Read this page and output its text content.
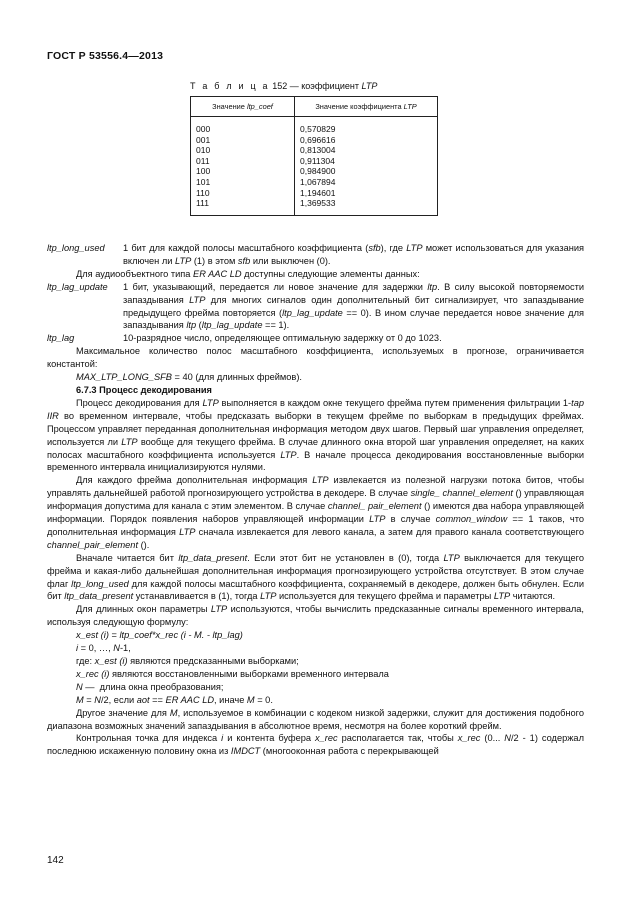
ГОСТ Р 53556.4—2013
Т а б л и ц а 152 — коэффициент LTP
Значение ltp_coef	Значение коэффициента LTP

000	0,570829
001	0,696616
010	0,813004
011	0,911304
100	0,984900
101	1,067894
110	1,194601
111	1,369533
ltp_long_used	1 бит для каждой полосы масштабного коэффициента (sfb), где LTP может использоваться для указания включен ли LTP (1) в этом sfb или выключен (0).

Для аудиообъектного типа ER AAC LD доступны следующие элементы данных:

ltp_lag_update	1 бит, указывающий, передается ли новое значение для задержки ltp. В силу высокой повторяемости запаздывания LTP для многих сигналов один дополнительный бит сигнализирует, что запаздывание предыдущего фрейма повторяется (ltp_lag_update == 0). В ином случае передается новое значение для запаздывания ltp (ltp_lag_update == 1).
ltp_lag	10-разрядное число, определяющее оптимальную задержку от 0 до 1023.

Максимальное количество полос масштабного коэффициента, используемых в прогнозе, ограничивается константой:

MAX_LTP_LONG_SFB = 40 (для длинных фреймов).

6.7.3 Процесс декодирования

Процесс декодирования для LTP выполняется в каждом окне текущего фрейма путем применения фильтрации 1-tap IIR во временном интервале, чтобы предсказать выборки в текущем фрейме по выборкам в предыдущих фреймах. Процессом управляет переданная дополнительная информация методом двух шагов. Первый шаг управления определяет, используется ли LTP вообще для текущего фрейма. В случае длинного окна второй шаг управления определяет, на каких полосах масштабного коэффициента используется LTP. В начале процесса декодирования восстановленные выборки временного интервала инициализируются нулями.

Для каждого фрейма дополнительная информация LTP извлекается из полезной нагрузки потока битов, чтобы управлять дальнейшей работой прогнозирующего устройства в декодере. В случае single_ channel_element () управляющая информация допустима для канала с этим элементом. В случае channel_ pair_element () имеются два набора управляющей информации. Порядок появления наборов управляющей информации LTP в случае common_window == 1 таков, что дополнительная информация LTP сначала извлекается для левого канала, а затем для правого канала соответствующего channel_pair_element ().

Вначале читается бит ltp_data_present. Если этот бит не установлен в (0), тогда LTP выключается для текущего фрейма и какая-либо дальнейшая дополнительная информация прогнозирующего устройства отсутствует. В этом случае флаг ltp_long_used для каждой полосы масштабного коэффициента, сохраняемый в декодере, должен быть обнулен. Если бит ltp_data_present устанавливается в (1), тогда LTP используется для текущего фрейма и параметры LTP читаются.

Для длинных окон параметры LTP используются, чтобы вычислить предсказанные сигналы временного интервала, используя следующую формулу:

x_est (i) = ltp_coef*x_rec (i - M. - ltp_lag)

i = 0, …, N-1,

где: x_est (i) являются предсказанными выборками;

x_rec (i) являются восстановленными выборками временного интервала

N —  длина окна преобразования;

M = N/2, если aot == ER AAC LD, иначе M = 0.

Другое значение для M, используемое в комбинации с кодеком низкой задержки, служит для достижения подобного диапазона возможных значений запаздывания в абсолютное время, несмотря на более короткий фрейм.

Контрольная точка для индекса i и контента буфера x_rec располагается так, чтобы x_rec (0... N/2 - 1) содержал последнюю искаженную половину окна из IMDCT (многооконная работа с перекрывающей

142
